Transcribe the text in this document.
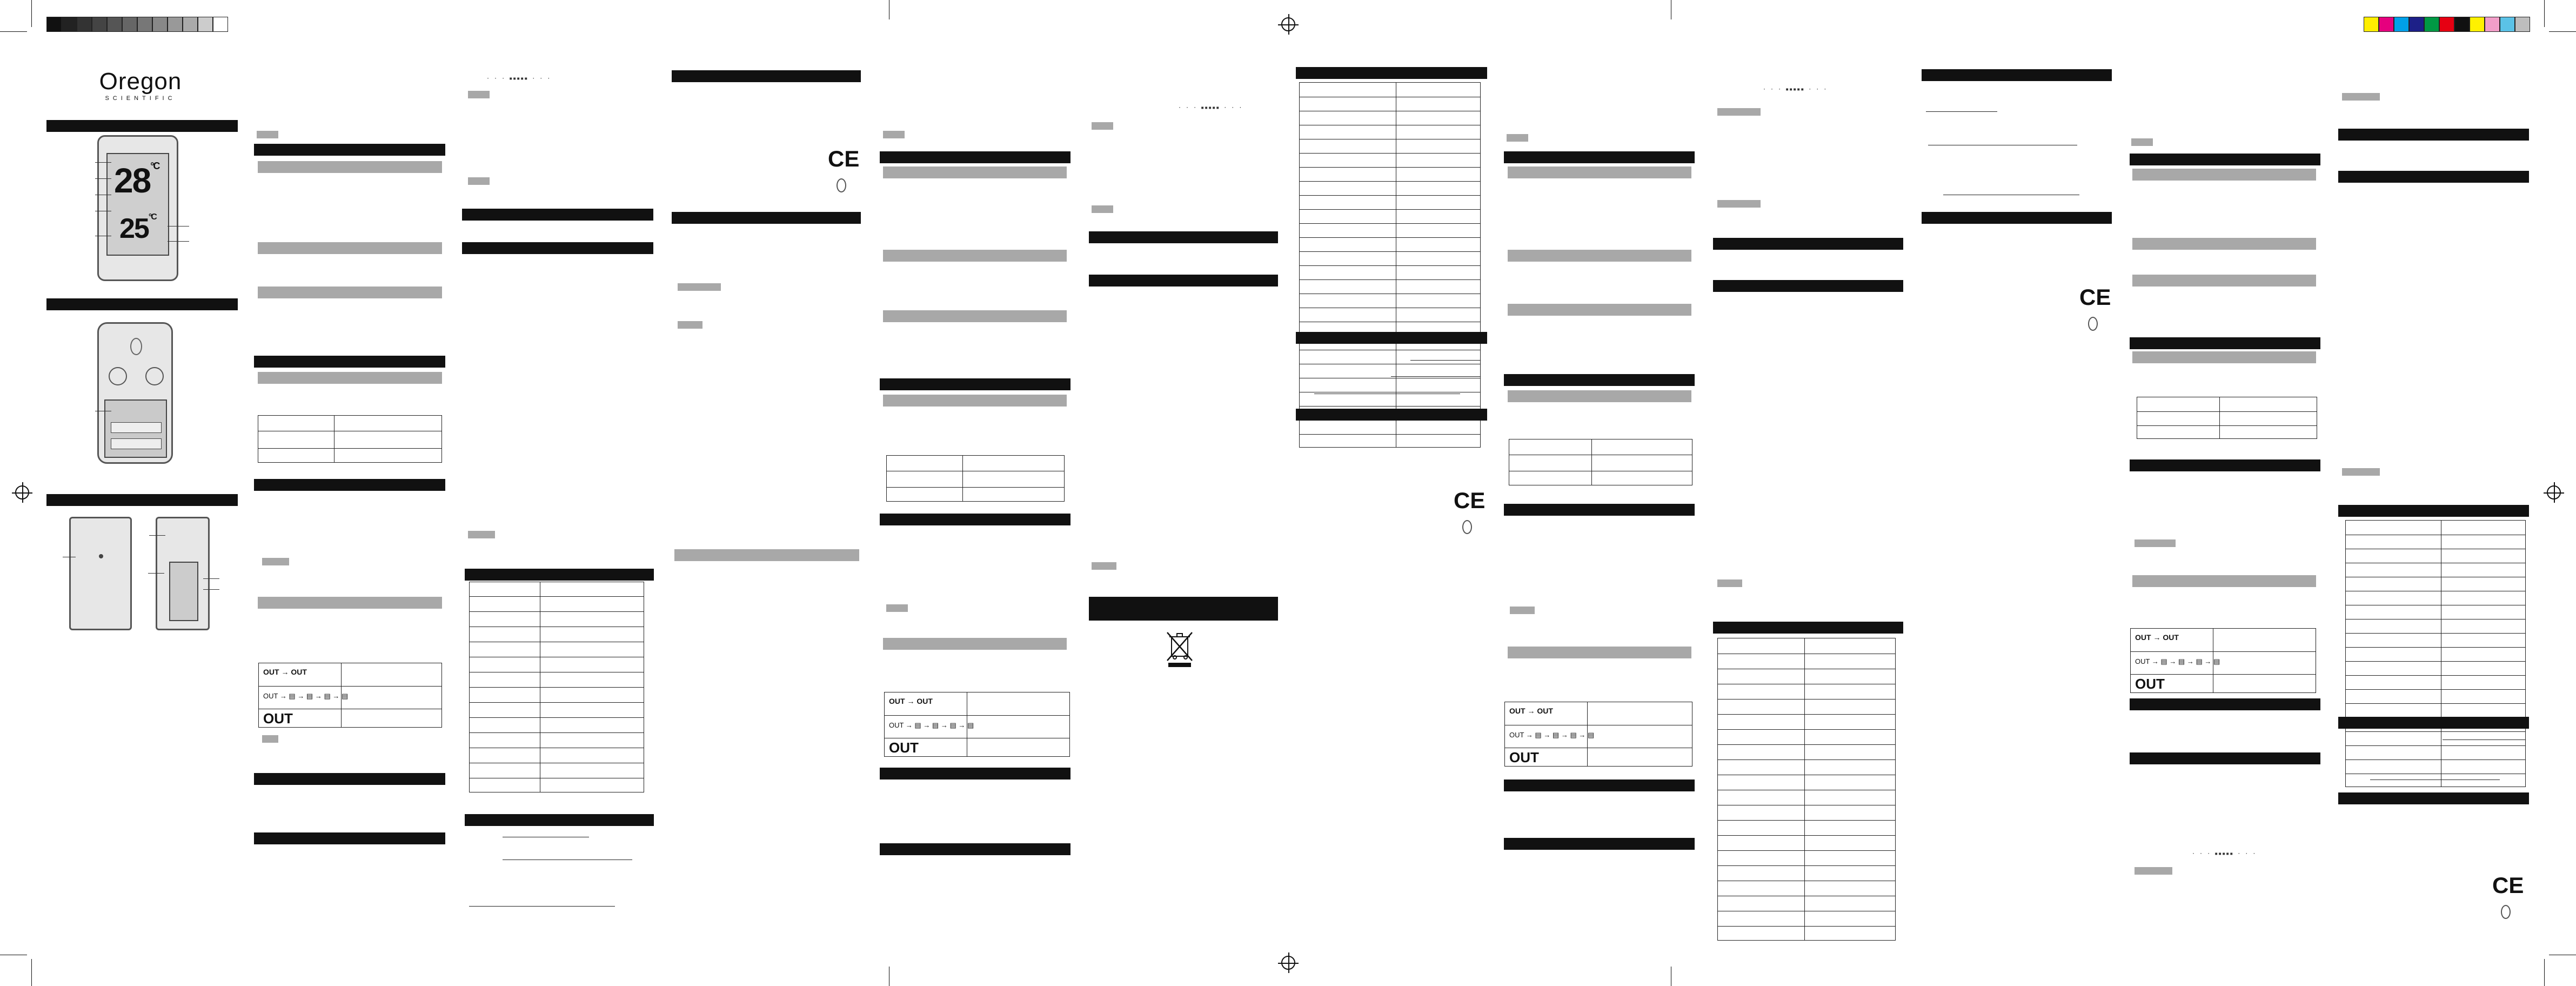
Oregon
SCIENTIFIC
$28^{^\circ C}$
$25^{^\circ C}$
· · · ▪▪▪▪▪ · · ·
CE
· · · ▪▪▪▪▪ · · ·
CE
· · · ▪▪▪▪▪ · · ·
CE
· · · ▪▪▪▪▪ · · ·
CE
OUT → OUT
OUT → ▤ → ▤ → ▤ → ▤
OUT
OUT → OUT
OUT → ▤ → ▤ → ▤ → ▤
OUT
OUT → OUT
OUT → ▤ → ▤ → ▤ → ▤
OUT
OUT → OUT
OUT → ▤ → ▤ → ▤ → ▤
OUT
